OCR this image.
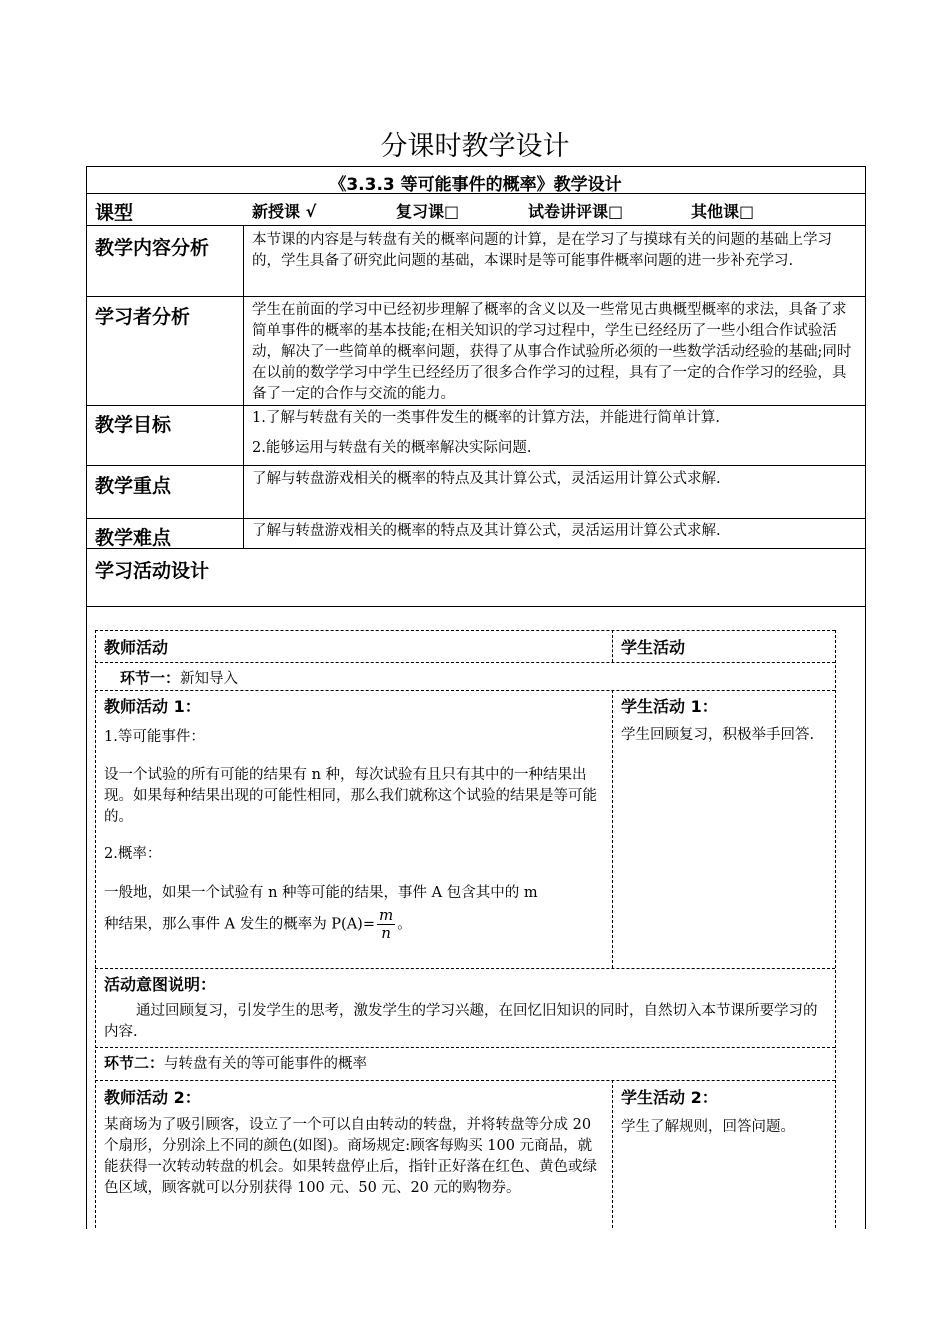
分课时教学设计
《3.3.3 等可能事件的概率》教学设计
课型	新授课 √	复习课□	试卷讲评课□	其他课□
教学内容分析	本节课的内容是与转盘有关的概率问题的计算，是在学习了与摸球有关的问题的基础上学习的，学生具备了研究此问题的基础，本课时是等可能事件概率问题的进一步补充学习.
学习者分析	学生在前面的学习中已经初步理解了概率的含义以及一些常见古典概型概率的求法，具备了求简单事件的概率的基本技能;在相关知识的学习过程中，学生已经经历了一些小组合作试验活动，解决了一些简单的概率问题，获得了从事合作试验所必须的一些数学活动经验的基础;同时在以前的数学学习中学生已经经历了很多合作学习的过程，具有了一定的合作学习的经验，具备了一定的合作与交流的能力。
教学目标	1.了解与转盘有关的一类事件发生的概率的计算方法，并能进行简单计算.
2.能够运用与转盘有关的概率解决实际问题.
教学重点	了解与转盘游戏相关的概率的特点及其计算公式，灵活运用计算公式求解.
教学难点	了解与转盘游戏相关的概率的特点及其计算公式，灵活运用计算公式求解.
学习活动设计
教师活动	学生活动
环节一：新知导入
教师活动 1：
1.等可能事件：
设一个试验的所有可能的结果有 n 种，每次试验有且只有其中的一种结果出现。如果每种结果出现的可能性相同，那么我们就称这个试验的结果是等可能的。
2.概率：
一般地，如果一个试验有 n 种等可能的结果，事件 A 包含其中的 m
种结果，那么事件 A 发生的概率为 $P(A)= \frac{m}{n}$ 。
学生活动 1：
学生回顾复习，积极举手回答.
活动意图说明：
通过回顾复习，引发学生的思考，激发学生的学习兴趣，在回忆旧知识的同时，自然切入本节课所要学习的内容.
环节二：与转盘有关的等可能事件的概率
教师活动 2：
某商场为了吸引顾客，设立了一个可以自由转动的转盘，并将转盘等分成 20 个扇形，分别涂上不同的颜色(如图)。商场规定:顾客每购买 100 元商品，就能获得一次转动转盘的机会。如果转盘停止后，指针正好落在红色、黄色或绿色区域，顾客就可以分别获得 100 元、50 元、20 元的购物券。
学生活动 2：
学生了解规则，回答问题。
